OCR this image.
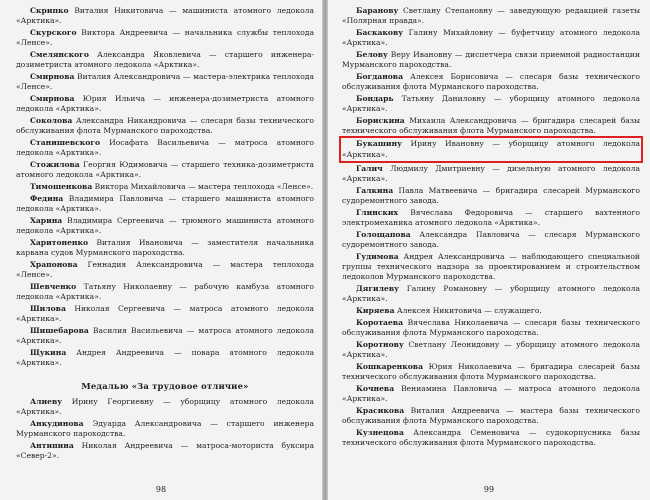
Скрипко Виталия Никитовича — машиниста атомного ледокола «Арктика».

Скурского Виктора Андреевича — начальника службы теплохода «Ленсе».

Смелянского Александра Яковлевича — старшего инженера-дозиметриста атомного ледокола «Арктика».

Смирнова Виталия Александровича — мастера-электрика теплохода «Ленсе».

Смирнова Юрия Ильича — инженера-дозиметриста атомного ледокола «Арктика».

Соколова Александра Никандровича — слесаря базы технического обслуживания флота Мурманского пароходства.

Станишевского Иосафата Васильевича — матроса атомного ледокола «Арктика».

Стожилова Георгия Юдимовича — старшего техника-дозиметриста атомного ледокола «Арктика».

Тимошенкова Виктора Михайловича — мастера теплохода «Ленсе».

Федина Владимира Павловича — старшего машиниста атомного ледокола «Арктика».

Харина Владимира Сергеевича — трюмного машиниста атомного ледокола «Арктика».

Харитоненко Виталия Ивановича — заместителя начальника карвана судов Мурманского пароходства.

Храпонова Геннадия Александровича — мастера теплохода «Ленсе».

Шевченко Татьяну Николаевну — рабочую камбуза атомного ледокола «Арктика».

Шилова Николая Сергеевича — матроса атомного ледокола «Арктика».

Шишебарова Василия Васильевича — матроса атомного ледокола «Арктика».

Щукина Андрея Андреевича — повара атомного ледокола «Арктика».

Медалью «За трудовое отличие»

Алиеву Ирину Георгиевну — уборщицу атомного ледокола «Арктика».

Анкудинова Эдуарда Александровича — старшего инженера Мурманского пароходства.

Антипина Николая Андреевича — матроса-моториста буксира «Север-2».

98

Баранову Светлану Степановну — заведующую редакцией газеты «Полярная правда».

Баскакову Галину Михайловну — буфетчицу атомного ледокола «Арктика».

Белову Веру Ивановну — диспетчера связи приемной радиостанции Мурманского пароходства.

Богданова Алексея Борисовича — слесаря базы технического обслуживания флота Мурманского пароходства.

Бондарь Татьяну Даниловну — уборщицу атомного ледокола «Арктика».

Борискина Михаила Александровича — бригадира слесарей базы технического обслуживания флота Мурманского пароходства.

Букашину Ирину Ивановну — уборщицу атомного ледокола «Арктика».

Галич Людмилу Дмитриевну — дизельную атомного ледокола «Арктика».

Галкина Павла Матвеевича — бригадира слесарей Мурманского судоремонтного завода.

Глинских Вячеслава Федоровича — старшего вахтенного электромеханика атомного ледокола «Арктика».

Голощапова Александра Павловича — слесаря Мурманского судоремонтного завода.

Гудимова Андрея Александровича — наблюдающего специальной группы технического надзора за проектированием и строительством ледоколов Мурманского пароходства.

Дягилеву Галину Романовну — уборщицу атомного ледокола «Арктика».

Киряева Алексея Никитовича — служащего.

Коротаева Вячеслава Николаевича — слесаря базы технического обслуживания флота Мурманского пароходства.

Коротнову Светлану Леонидовну — уборщицу атомного ледокола «Арктика».

Кошкаренкова Юрия Николаевича — бригадира слесарей базы технического обслуживания флота Мурманского пароходства.

Кочнева Вениамина Павловича — матроса атомного ледокола «Арктика».

Красикова Виталия Андреевича — мастера базы технического обслуживания флота Мурманского пароходства.

Кузнецова Александра Семеновича — судокорпусника базы технического обслуживания флота Мурманского пароходства.

99
